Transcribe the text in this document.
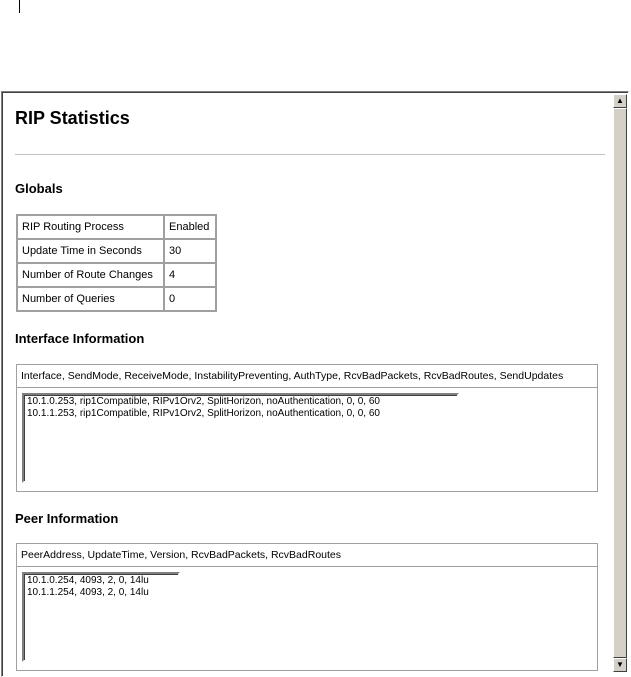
RIP Statistics
Globals
RIP Routing Process	Enabled
Update Time in Seconds	30
Number of Route Changes	4
Number of Queries	0
Interface Information
Interface, SendMode, ReceiveMode, InstabilityPreventing, AuthType, RcvBadPackets, RcvBadRoutes, SendUpdates
10.1.0.253, rip1Compatible, RIPv1Orv2, SplitHorizon, noAuthentication, 0, 0, 60
10.1.1.253, rip1Compatible, RIPv1Orv2, SplitHorizon, noAuthentication, 0, 0, 60
Peer Information
PeerAddress, UpdateTime, Version, RcvBadPackets, RcvBadRoutes
10.1.0.254, 4093, 2, 0, 14lu
10.1.1.254, 4093, 2, 0, 14lu
▲
▼
